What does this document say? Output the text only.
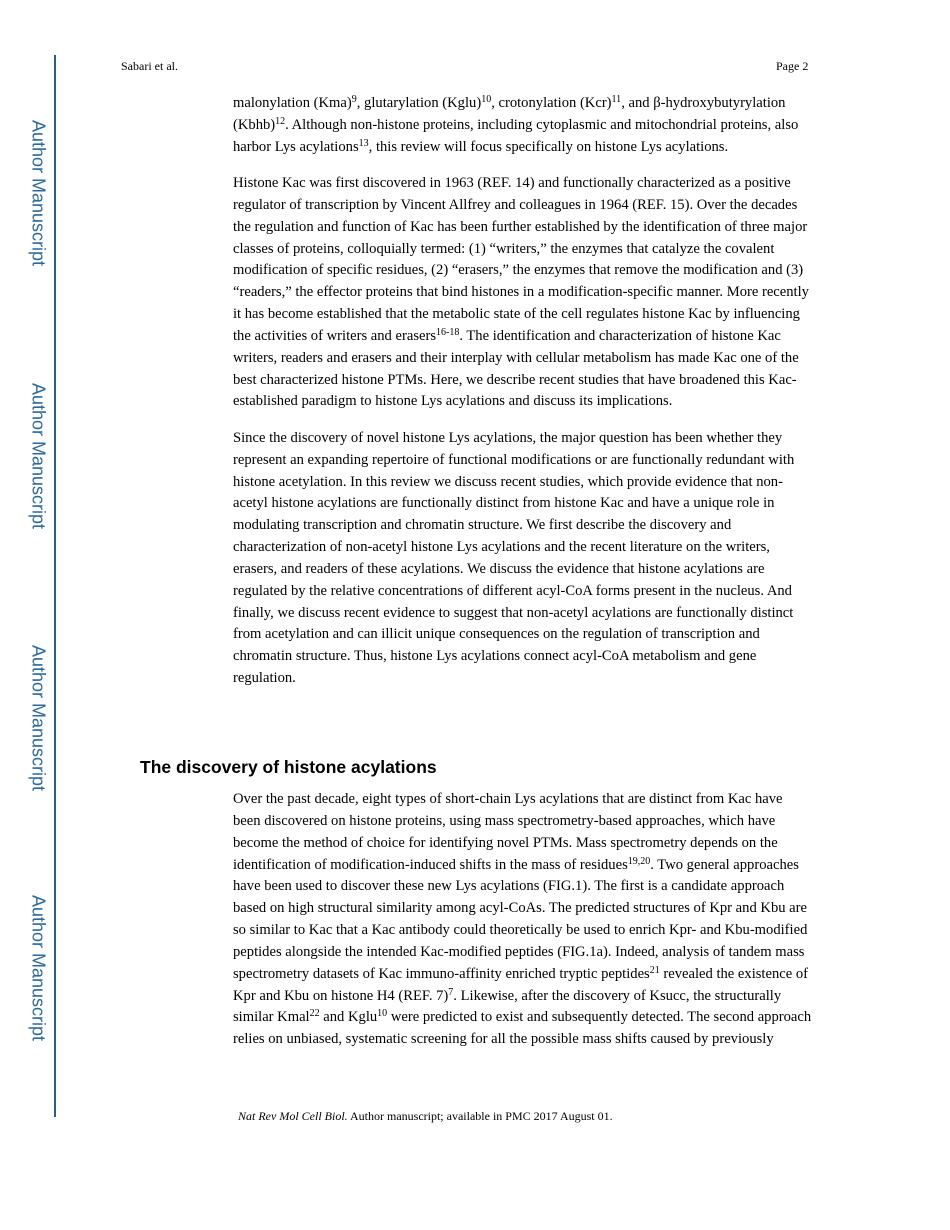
Author Manuscript
Author Manuscript
Author Manuscript
Author Manuscript
Sabari et al.	Page 2

malonylation (Kma)$^9$, glutarylation (Kglu)$^{10}$, crotonylation (Kcr)$^{11}$, and β-hydroxybutyrylation (Kbhb)$^{12}$. Although non-histone proteins, including cytoplasmic and mitochondrial proteins, also harbor Lys acylations$^{13}$, this review will focus specifically on histone Lys acylations.

Histone Kac was first discovered in 1963 (REF. 14) and functionally characterized as a positive regulator of transcription by Vincent Allfrey and colleagues in 1964 (REF. 15). Over the decades the regulation and function of Kac has been further established by the identification of three major classes of proteins, colloquially termed: (1) “writers,” the enzymes that catalyze the covalent modification of specific residues, (2) “erasers,” the enzymes that remove the modification and (3) “readers,” the effector proteins that bind histones in a modification-specific manner. More recently it has become established that the metabolic state of the cell regulates histone Kac by influencing the activities of writers and erasers$^{16-18}$. The identification and characterization of histone Kac writers, readers and erasers and their interplay with cellular metabolism has made Kac one of the best characterized histone PTMs. Here, we describe recent studies that have broadened this Kac-established paradigm to histone Lys acylations and discuss its implications.

Since the discovery of novel histone Lys acylations, the major question has been whether they represent an expanding repertoire of functional modifications or are functionally redundant with histone acetylation. In this review we discuss recent studies, which provide evidence that non-acetyl histone acylations are functionally distinct from histone Kac and have a unique role in modulating transcription and chromatin structure. We first describe the discovery and characterization of non-acetyl histone Lys acylations and the recent literature on the writers, erasers, and readers of these acylations. We discuss the evidence that histone acylations are regulated by the relative concentrations of different acyl-CoA forms present in the nucleus. And finally, we discuss recent evidence to suggest that non-acetyl acylations are functionally distinct from acetylation and can illicit unique consequences on the regulation of transcription and chromatin structure. Thus, histone Lys acylations connect acyl-CoA metabolism and gene regulation.

The discovery of histone acylations

Over the past decade, eight types of short-chain Lys acylations that are distinct from Kac have been discovered on histone proteins, using mass spectrometry-based approaches, which have become the method of choice for identifying novel PTMs. Mass spectrometry depends on the identification of modification-induced shifts in the mass of residues$^{19,20}$. Two general approaches have been used to discover these new Lys acylations (FIG.1). The first is a candidate approach based on high structural similarity among acyl-CoAs. The predicted structures of Kpr and Kbu are so similar to Kac that a Kac antibody could theoretically be used to enrich Kpr- and Kbu-modified peptides alongside the intended Kac-modified peptides (FIG.1a). Indeed, analysis of tandem mass spectrometry datasets of Kac immuno-affinity enriched tryptic peptides$^{21}$ revealed the existence of Kpr and Kbu on histone H4 (REF. 7)$^7$. Likewise, after the discovery of Ksucc, the structurally similar Kmal$^{22}$ and Kglu$^{10}$ were predicted to exist and subsequently detected. The second approach relies on unbiased, systematic screening for all the possible mass shifts caused by previously

Nat Rev Mol Cell Biol. Author manuscript; available in PMC 2017 August 01.
